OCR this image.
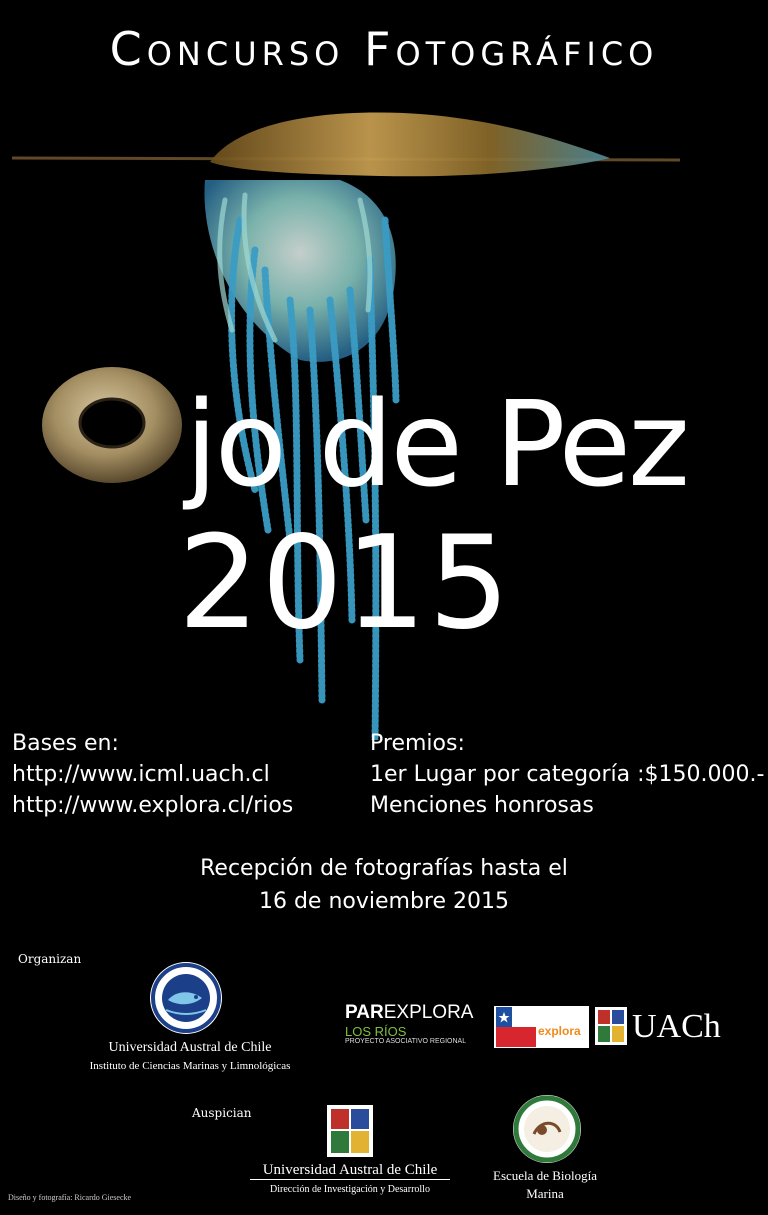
Concurso Fotográfico
jo de Pez
2015
Bases en:
http://www.icml.uach.cl
http://www.explora.cl/rios
Premios:
1er Lugar por categoría :$150.000.-
Menciones honrosas
Recepción de fotografías hasta el
16 de noviembre 2015
Organizan
Universidad Austral de Chile
Instituto de Ciencias Marinas y Limnológicas
PAREXPLORA
LOS RÍOS
PROYECTO ASOCIATIVO REGIONAL
explora UACh
Auspician
Universidad Austral de Chile
Dirección de Investigación y Desarrollo
Escuela de Biología
Marina
Diseño y fotografía: Ricardo Giesecke
